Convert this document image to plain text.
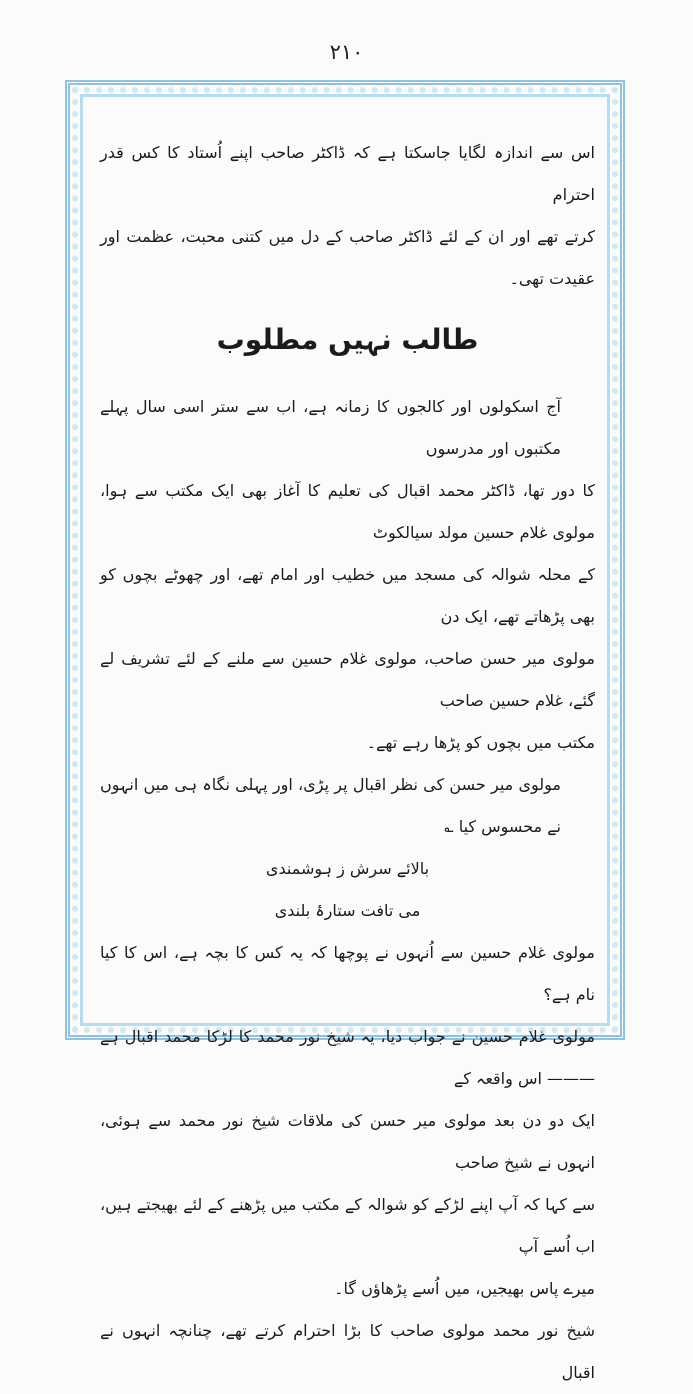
۲۱۰

اس سے اندازہ لگایا جاسکتا ہے کہ ڈاکٹر صاحب اپنے اُستاد کا کس قدر احترام

کرتے تھے اور ان کے لئے ڈاکٹر صاحب کے دل میں کتنی محبت، عظمت اور عقیدت تھی۔

طالب نہیں مطلوب

آج اسکولوں اور کالجوں کا زمانہ ہے، اب سے ستر اسی سال پہلے مکتبوں اور مدرسوں

کا دور تھا، ڈاکٹر محمد اقبال کی تعلیم کا آغاز بھی ایک مکتب سے ہوا، مولوی غلام حسین مولد سیالکوٹ

کے محلہ شوالہ کی مسجد میں خطیب اور امام تھے، اور چھوٹے بچوں کو بھی پڑھاتے تھے، ایک دن

مولوی میر حسن صاحب، مولوی غلام حسین سے ملنے کے لئے تشریف لے گئے، غلام حسین صاحب

مکتب میں بچوں کو پڑھا رہے تھے۔

مولوی میر حسن کی نظر اقبال پر پڑی، اور پہلی نگاہ ہی میں انہوں نے محسوس کیا ؎

بالائے سرش ز ہوشمندی

می تافت ستارۂ بلندی

مولوی غلام حسین سے اُنہوں نے پوچھا کہ یہ کس کا بچہ ہے، اس کا کیا نام ہے؟

مولوی غلام حسین نے جواب دیا، یہ شیخ نور محمد کا لڑکا محمد اقبال ہے ——— اس واقعہ کے

ایک دو دن بعد مولوی میر حسن کی ملاقات شیخ نور محمد سے ہوئی، انہوں نے شیخ صاحب

سے کہا کہ آپ اپنے لڑکے کو شوالہ کے مکتب میں پڑھنے کے لئے بھیجتے ہیں، اب اُسے آپ

میرے پاس بھیجیں، میں اُسے پڑھاؤں گا۔

شیخ نور محمد مولوی صاحب کا بڑا احترام کرتے تھے، چنانچہ انہوں نے اقبال
